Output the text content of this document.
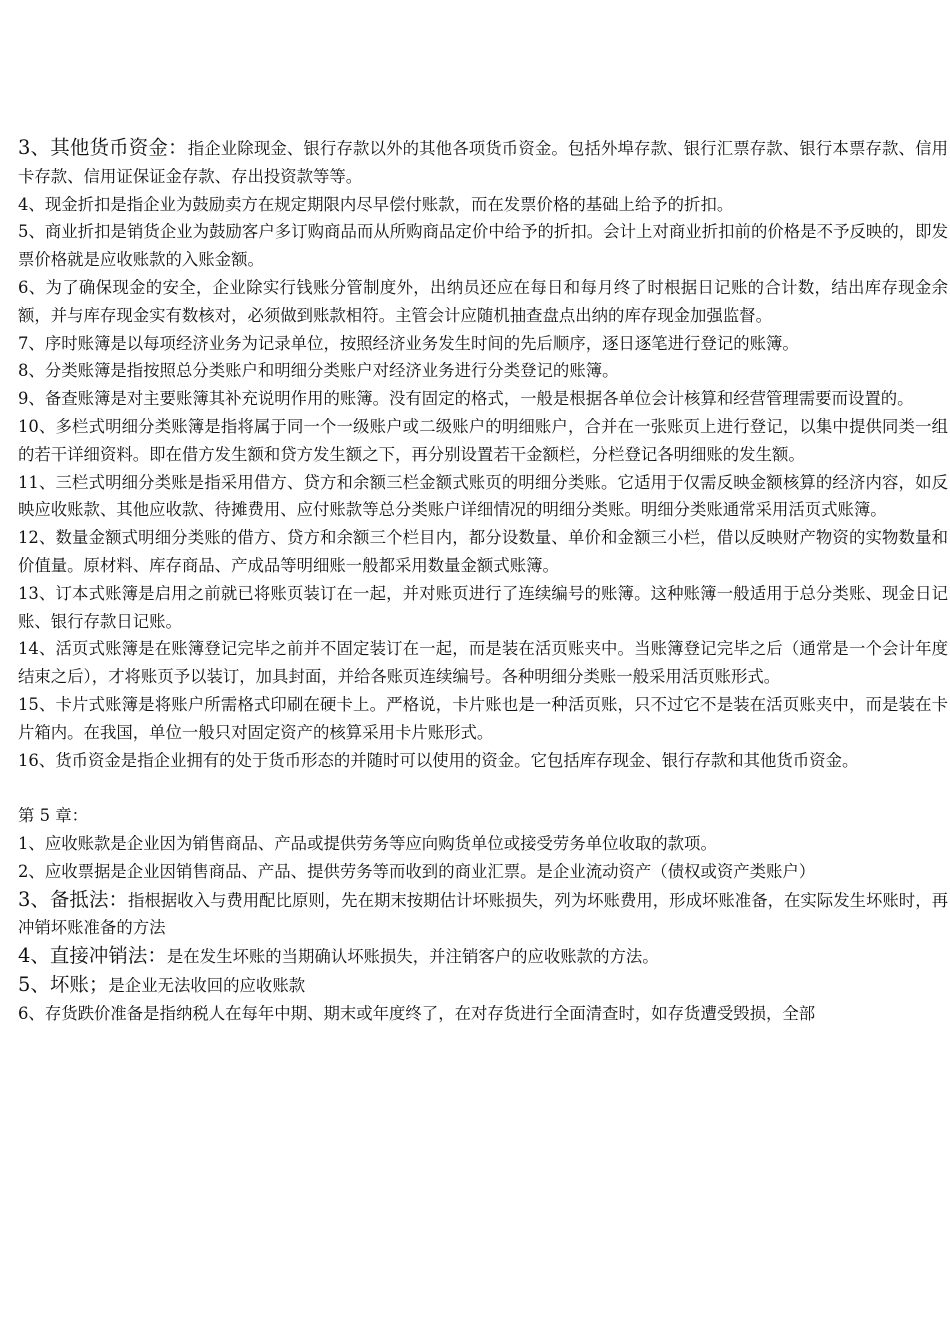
3、其他货币资金：指企业除现金、银行存款以外的其他各项货币资金。包括外埠存款、银行汇票存款、银行本票存款、信用卡存款、信用证保证金存款、存出投资款等等。

4、现金折扣是指企业为鼓励卖方在规定期限内尽早偿付账款，而在发票价格的基础上给予的折扣。

5、商业折扣是销货企业为鼓励客户多订购商品而从所购商品定价中给予的折扣。会计上对商业折扣前的价格是不予反映的，即发票价格就是应收账款的入账金额。

6、为了确保现金的安全，企业除实行钱账分管制度外，出纳员还应在每日和每月终了时根据日记账的合计数，结出库存现金余额，并与库存现金实有数核对，必须做到账款相符。主管会计应随机抽查盘点出纳的库存现金加强监督。

7、序时账簿是以每项经济业务为记录单位，按照经济业务发生时间的先后顺序，逐日逐笔进行登记的账簿。

8、分类账簿是指按照总分类账户和明细分类账户对经济业务进行分类登记的账簿。

9、备查账簿是对主要账簿其补充说明作用的账簿。没有固定的格式，一般是根据各单位会计核算和经营管理需要而设置的。

10、多栏式明细分类账簿是指将属于同一个一级账户或二级账户的明细账户，合并在一张账页上进行登记，以集中提供同类一组的若干详细资料。即在借方发生额和贷方发生额之下，再分别设置若干金额栏，分栏登记各明细账的发生额。

11、三栏式明细分类账是指采用借方、贷方和余额三栏金额式账页的明细分类账。它适用于仅需反映金额核算的经济内容，如反映应收账款、其他应收款、待摊费用、应付账款等总分类账户详细情况的明细分类账。明细分类账通常采用活页式账簿。

12、数量金额式明细分类账的借方、贷方和余额三个栏目内，都分设数量、单价和金额三小栏，借以反映财产物资的实物数量和价值量。原材料、库存商品、产成品等明细账一般都采用数量金额式账簿。

13、订本式账簿是启用之前就已将账页装订在一起，并对账页进行了连续编号的账簿。这种账簿一般适用于总分类账、现金日记账、银行存款日记账。

14、活页式账簿是在账簿登记完毕之前并不固定装订在一起，而是装在活页账夹中。当账簿登记完毕之后（通常是一个会计年度结束之后），才将账页予以装订，加具封面，并给各账页连续编号。各种明细分类账一般采用活页账形式。

15、卡片式账簿是将账户所需格式印刷在硬卡上。严格说，卡片账也是一种活页账，只不过它不是装在活页账夹中，而是装在卡片箱内。在我国，单位一般只对固定资产的核算采用卡片账形式。

16、货币资金是指企业拥有的处于货币形态的并随时可以使用的资金。它包括库存现金、银行存款和其他货币资金。

第 5 章：

1、应收账款是企业因为销售商品、产品或提供劳务等应向购货单位或接受劳务单位收取的款项。

2、应收票据是企业因销售商品、产品、提供劳务等而收到的商业汇票。是企业流动资产（债权或资产类账户）

3、备抵法：指根据收入与费用配比原则，先在期末按期估计坏账损失，列为坏账费用，形成坏账准备，在实际发生坏账时，再冲销坏账准备的方法

4、直接冲销法：是在发生坏账的当期确认坏账损失，并注销客户的应收账款的方法。

5、坏账；是企业无法收回的应收账款

6、存货跌价准备是指纳税人在每年中期、期末或年度终了，在对存货进行全面清查时，如存货遭受毁损，全部
